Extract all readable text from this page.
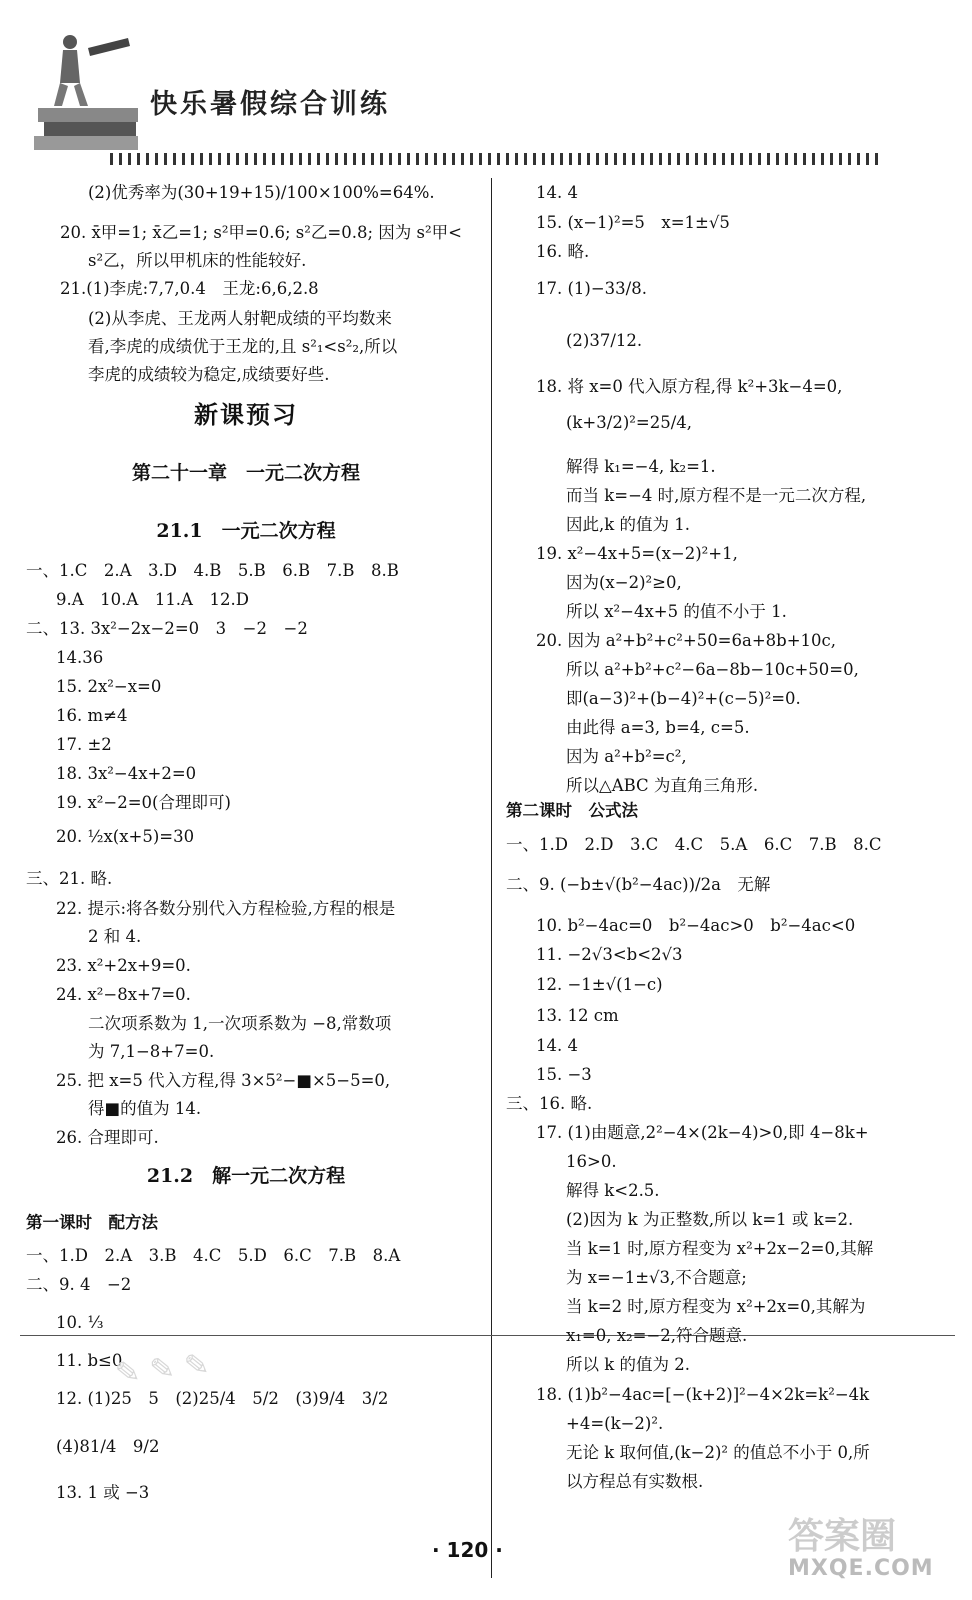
快乐暑假综合训练
(2)优秀率为(30+19+15)/100×100%=64%.
20. x̄甲=1; x̄乙=1; s²甲=0.6; s²乙=0.8; 因为 s²甲<
s²乙，所以甲机床的性能较好.
21.(1)李虎:7,7,0.4　王龙:6,6,2.8
(2)从李虎、王龙两人射靶成绩的平均数来
看,李虎的成绩优于王龙的,且 s²₁<s²₂,所以
李虎的成绩较为稳定,成绩要好些.
一、1.C　2.A　3.D　4.B　5.B　6.B　7.B　8.B
9.A　10.A　11.A　12.D
二、13. 3x²−2x−2=0　3　−2　−2
14.36
15. 2x²−x=0
16. m≠4
17. ±2
18. 3x²−4x+2=0
19. x²−2=0(合理即可)
20. ½x(x+5)=30
三、21. 略.
22. 提示:将各数分别代入方程检验,方程的根是
2 和 4.
23. x²+2x+9=0.
24. x²−8x+7=0.
二次项系数为 1,一次项系数为 −8,常数项
为 7,1−8+7=0.
25. 把 x=5 代入方程,得 3×5²−■×5−5=0,
得■的值为 14.
26. 合理即可.
一、1.D　2.A　3.B　4.C　5.D　6.C　7.B　8.A
二、9. 4　−2
10. ⅓
11. b≤0
12. (1)25　5　(2)25/4　5/2　(3)9/4　3/2
(4)81/4　9/2
13. 1 或 −3
新课预习
第二十一章　一元二次方程
21.1　一元二次方程
21.2　解一元二次方程
第一课时　配方法
14. 4
15. (x−1)²=5　x=1±√5
16. 略.
17. (1)−33/8.
(2)37/12.
18. 将 x=0 代入原方程,得 k²+3k−4=0,
(k+3/2)²=25/4,
解得 k₁=−4, k₂=1.
而当 k=−4 时,原方程不是一元二次方程,
因此,k 的值为 1.
19. x²−4x+5=(x−2)²+1,
因为(x−2)²≥0,
所以 x²−4x+5 的值不小于 1.
20. 因为 a²+b²+c²+50=6a+8b+10c,
所以 a²+b²+c²−6a−8b−10c+50=0,
即(a−3)²+(b−4)²+(c−5)²=0.
由此得 a=3, b=4, c=5.
因为 a²+b²=c²,
所以△ABC 为直角三角形.
一、1.D　2.D　3.C　4.C　5.A　6.C　7.B　8.C
二、9. (−b±√(b²−4ac))/2a　无解
10. b²−4ac=0　b²−4ac>0　b²−4ac<0
11. −2√3<b<2√3
12. −1±√(1−c)
13. 12 cm
14. 4
15. −3
三、16. 略.
17. (1)由题意,2²−4×(2k−4)>0,即 4−8k+
16>0.
解得 k<2.5.
(2)因为 k 为正整数,所以 k=1 或 k=2.
当 k=1 时,原方程变为 x²+2x−2=0,其解
为 x=−1±√3,不合题意;
当 k=2 时,原方程变为 x²+2x=0,其解为
x₁=0, x₂=−2,符合题意.
所以 k 的值为 2.
18. (1)b²−4ac=[−(k+2)]²−4×2k=k²−4k
+4=(k−2)².
无论 k 取何值,(k−2)² 的值总不小于 0,所
以方程总有实数根.
第二课时　公式法
✎ ✎ ✎
· 120 ·	答案圈
MXQE.COM
